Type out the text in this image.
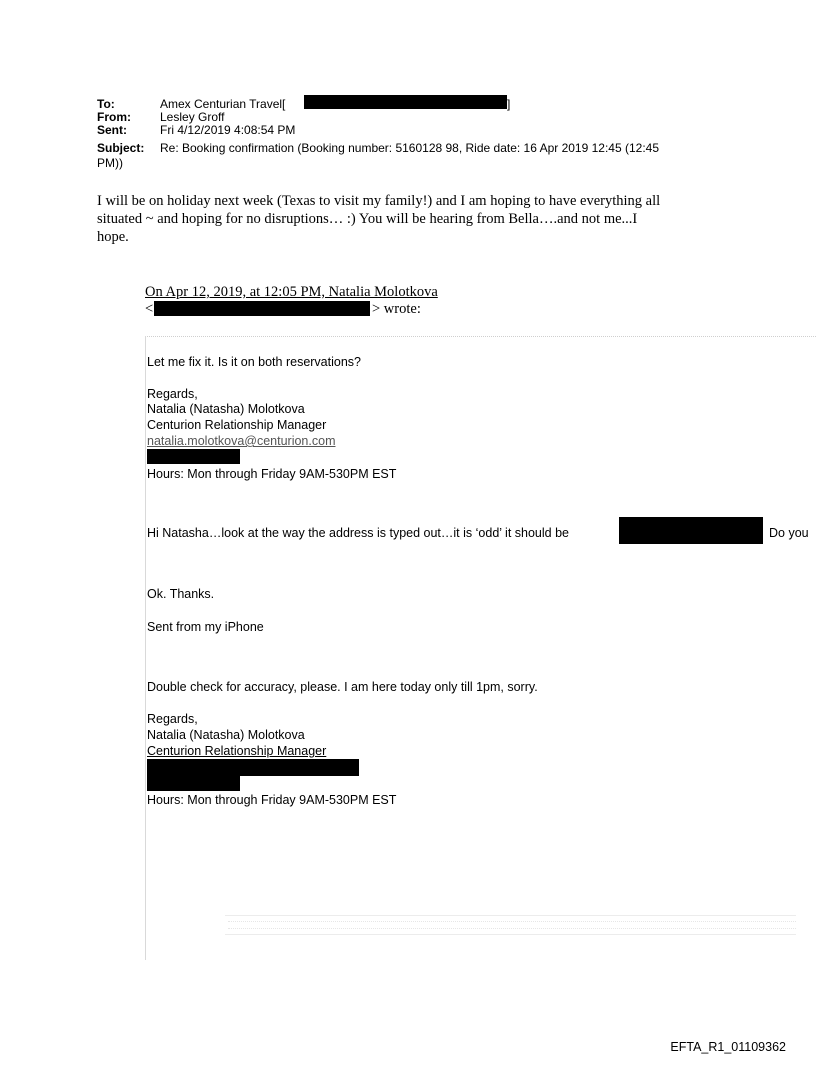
To:	Amex Centurian Travel[	]
From: Lesley Groff
Sent:	Fri 4/12/2019 4:08:54 PM
Subject: Re: Booking confirmation (Booking number: 5160128 98, Ride date: 16 Apr 2019 12:45 (12:45
PM))
I will be on holiday next week (Texas to visit my family!) and I am hoping to have everything all
situated ~ and hoping for no disruptions… :) You will be hearing from Bella….and not me...I
hope.
On Apr 12, 2019, at 12:05 PM, Natalia Molotkova
<	> wrote:
Let me fix it. Is it on both reservations?
Regards,
Natalia (Natasha) Molotkova
Centurion Relationship Manager
natalia.molotkova@centurion.com
Hours: Mon through Friday 9AM-530PM EST
Hi Natasha…look at the way the address is typed out…it is ‘odd’ it should be	Do you
Ok. Thanks.
Sent from my iPhone
Double check for accuracy, please. I am here today only till 1pm, sorry.
Regards,
Natalia (Natasha) Molotkova
Centurion Relationship Manager
Hours: Mon through Friday 9AM-530PM EST
EFTA_R1_01109362
